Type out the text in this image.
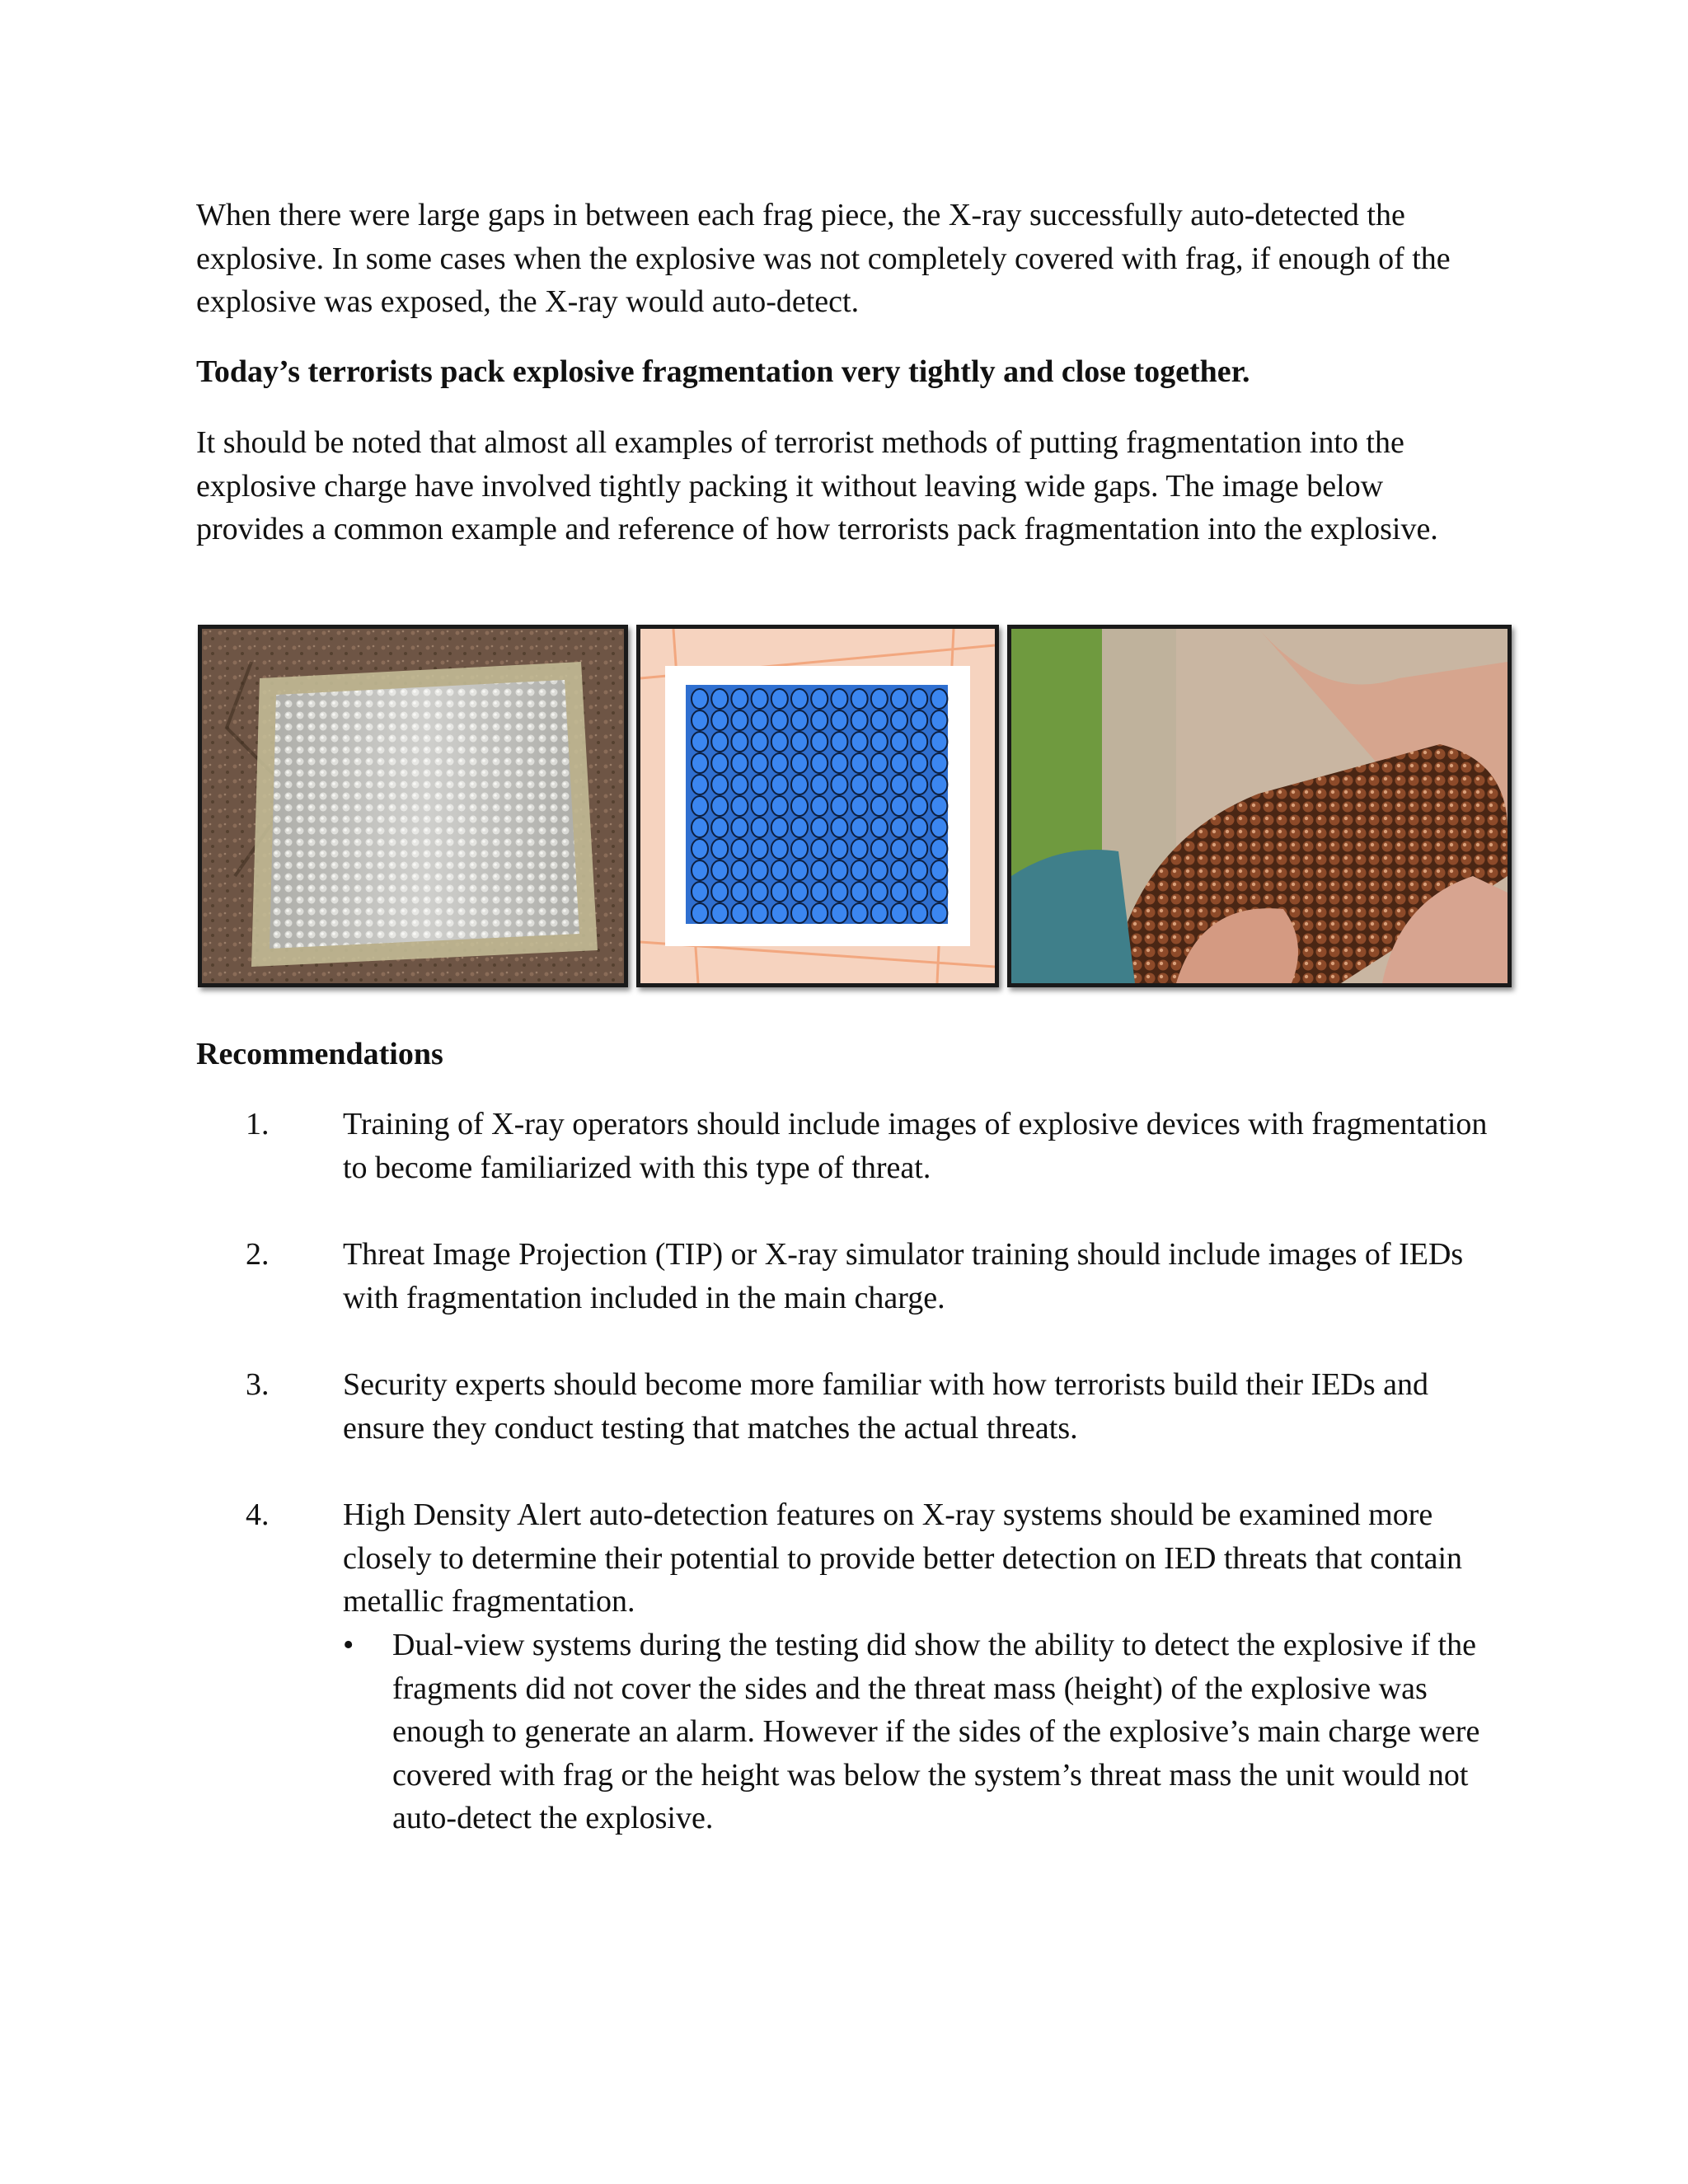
When there were large gaps in between each frag piece, the X-ray successfully auto-detected the explosive. In some cases when the explosive was not completely covered with frag, if enough of the explosive was exposed, the X-ray would auto-detect.

Today’s terrorists pack explosive fragmentation very tightly and close together.

It should be noted that almost all examples of terrorist methods of putting fragmentation into the explosive charge have involved tightly packing it without leaving wide gaps. The image below provides a common example and reference of how terrorists pack fragmentation into the explosive.

Recommendations

1. Training of X-ray operators should include images of explosive devices with fragmentation to become familiarized with this type of threat.
2. Threat Image Projection (TIP) or X-ray simulator training should include images of IEDs with fragmentation included in the main charge.
3. Security experts should become more familiar with how terrorists build their IEDs and ensure they conduct testing that matches the actual threats.
4. High Density Alert auto-detection features on X-ray systems should be examined more closely to determine their potential to provide better detection on IED threats that contain metallic fragmentation.
• Dual-view systems during the testing did show the ability to detect the explosive if the fragments did not cover the sides and the threat mass (height) of the explosive was enough to generate an alarm. However if the sides of the explosive’s main charge were covered with frag or the height was below the system’s threat mass the unit would not auto-detect the explosive.
